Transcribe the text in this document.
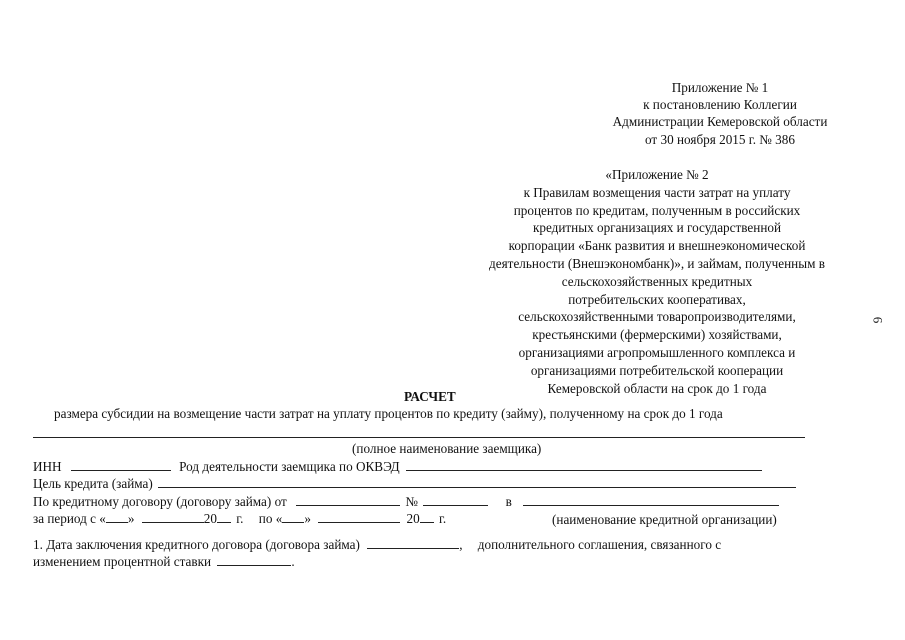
Приложение № 1
к постановлению Коллегии
Администрации Кемеровской области
от 30 ноября 2015 г. № 386
«Приложение № 2
к Правилам возмещения части затрат на уплату
процентов по кредитам, полученным в российских
кредитных организациях и государственной
корпорации «Банк развития и внешнеэкономической
деятельности (Внешэкономбанк)», и займам, полученным в
сельскохозяйственных кредитных
потребительских кооперативах,
сельскохозяйственными товаропроизводителями,
крестьянскими (фермерскими) хозяйствами,
организациями агропромышленного комплекса и
организациями потребительской кооперации
Кемеровской области на срок до 1 года
РАСЧЕТ
размера субсидии на возмещение части затрат на уплату процентов по кредиту (займу), полученному на срок до 1 года
(полное наименование заемщика)
ИНН	Род деятельности заемщика по ОКВЭД
Цель кредита (займа)
По кредитному договору (договору займа) от	№	в
за период с « »	20 г. по « »	20 г.	(наименование кредитной организации)
1. Дата заключения кредитного договора (договора займа)	, дополнительного соглашения, связанного с
изменением процентной ставки	.
6
